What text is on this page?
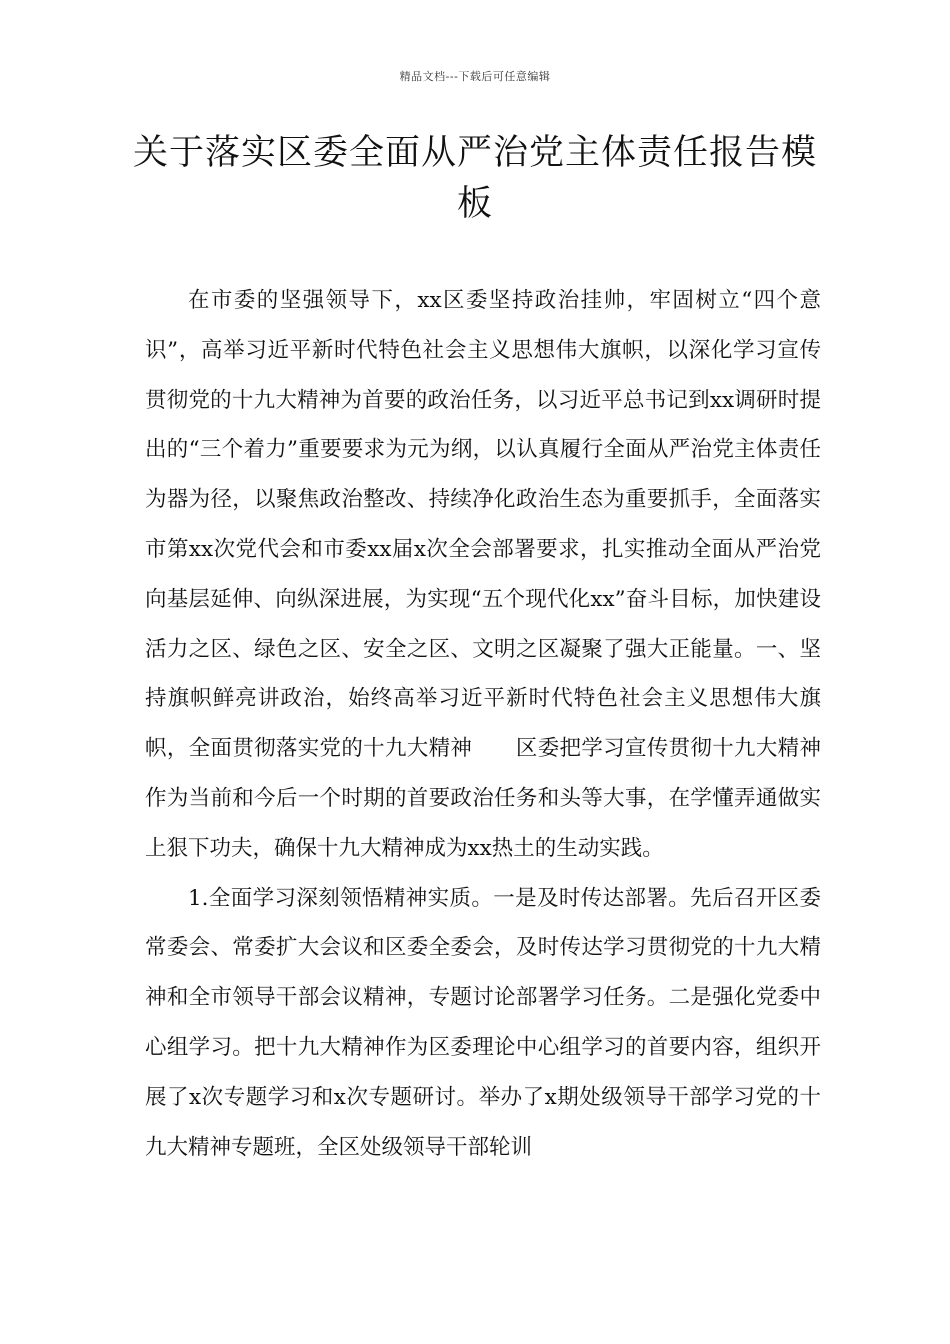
精品文档---下载后可任意编辑
关于落实区委全面从严治党主体责任报告模板

在市委的坚强领导下，xx区委坚持政治挂帅，牢固树立“四个意识”，高举习近平新时代特色社会主义思想伟大旗帜，以深化学习宣传贯彻党的十九大精神为首要的政治任务，以习近平总书记到xx调研时提出的“三个着力”重要要求为元为纲，以认真履行全面从严治党主体责任为器为径，以聚焦政治整改、持续净化政治生态为重要抓手，全面落实市第xx次党代会和市委xx届x次全会部署要求，扎实推动全面从严治党向基层延伸、向纵深进展，为实现“五个现代化xx”奋斗目标，加快建设活力之区、绿色之区、安全之区、文明之区凝聚了强大正能量。一、坚持旗帜鲜亮讲政治，始终高举习近平新时代特色社会主义思想伟大旗帜，全面贯彻落实党的十九大精神　　区委把学习宣传贯彻十九大精神作为当前和今后一个时期的首要政治任务和头等大事，在学懂弄通做实上狠下功夫，确保十九大精神成为xx热土的生动实践。

1.全面学习深刻领悟精神实质。一是及时传达部署。先后召开区委常委会、常委扩大会议和区委全委会，及时传达学习贯彻党的十九大精神和全市领导干部会议精神，专题讨论部署学习任务。二是强化党委中心组学习。把十九大精神作为区委理论中心组学习的首要内容，组织开展了x次专题学习和x次专题研讨。举办了x期处级领导干部学习党的十九大精神专题班，全区处级领导干部轮训
